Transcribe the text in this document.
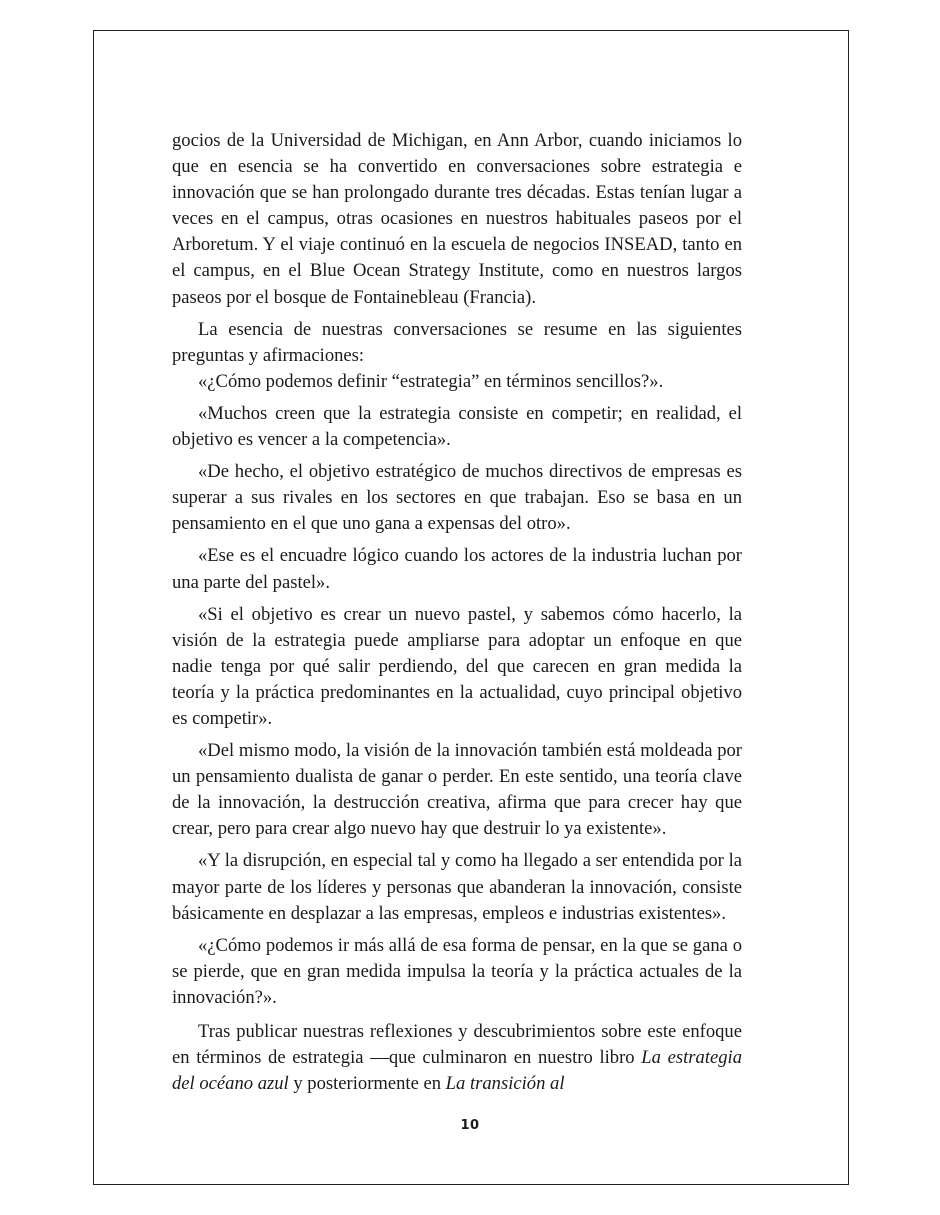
gocios de la Universidad de Michigan, en Ann Arbor, cuando iniciamos lo que en esencia se ha convertido en conversaciones sobre estrategia e innovación que se han prolongado durante tres décadas. Estas tenían lugar a veces en el campus, otras ocasiones en nuestros habituales paseos por el Arboretum. Y el viaje continuó en la escuela de negocios INSEAD, tanto en el campus, en el Blue Ocean Strategy Institute, como en nuestros largos paseos por el bosque de Fontainebleau (Francia).

La esencia de nuestras conversaciones se resume en las siguientes preguntas y afirmaciones:

«¿Cómo podemos definir “estrategia” en términos sencillos?».

«Muchos creen que la estrategia consiste en competir; en realidad, el objetivo es vencer a la competencia».

«De hecho, el objetivo estratégico de muchos directivos de empresas es superar a sus rivales en los sectores en que trabajan. Eso se basa en un pensamiento en el que uno gana a expensas del otro».

«Ese es el encuadre lógico cuando los actores de la industria luchan por una parte del pastel».

«Si el objetivo es crear un nuevo pastel, y sabemos cómo hacerlo, la visión de la estrategia puede ampliarse para adoptar un enfoque en que nadie tenga por qué salir perdiendo, del que carecen en gran medida la teoría y la práctica predominantes en la actualidad, cuyo principal objetivo es competir».

«Del mismo modo, la visión de la innovación también está moldeada por un pensamiento dualista de ganar o perder. En este sentido, una teoría clave de la innovación, la destrucción creativa, afirma que para crecer hay que crear, pero para crear algo nuevo hay que destruir lo ya existente».

«Y la disrupción, en especial tal y como ha llegado a ser entendida por la mayor parte de los líderes y personas que abanderan la innovación, consiste básicamente en desplazar a las empresas, empleos e industrias existentes».

«¿Cómo podemos ir más allá de esa forma de pensar, en la que se gana o se pierde, que en gran medida impulsa la teoría y la práctica actuales de la innovación?».

Tras publicar nuestras reflexiones y descubrimientos sobre este enfoque en términos de estrategia —que culminaron en nuestro libro La estrategia del océano azul y posteriormente en La transición al

10
